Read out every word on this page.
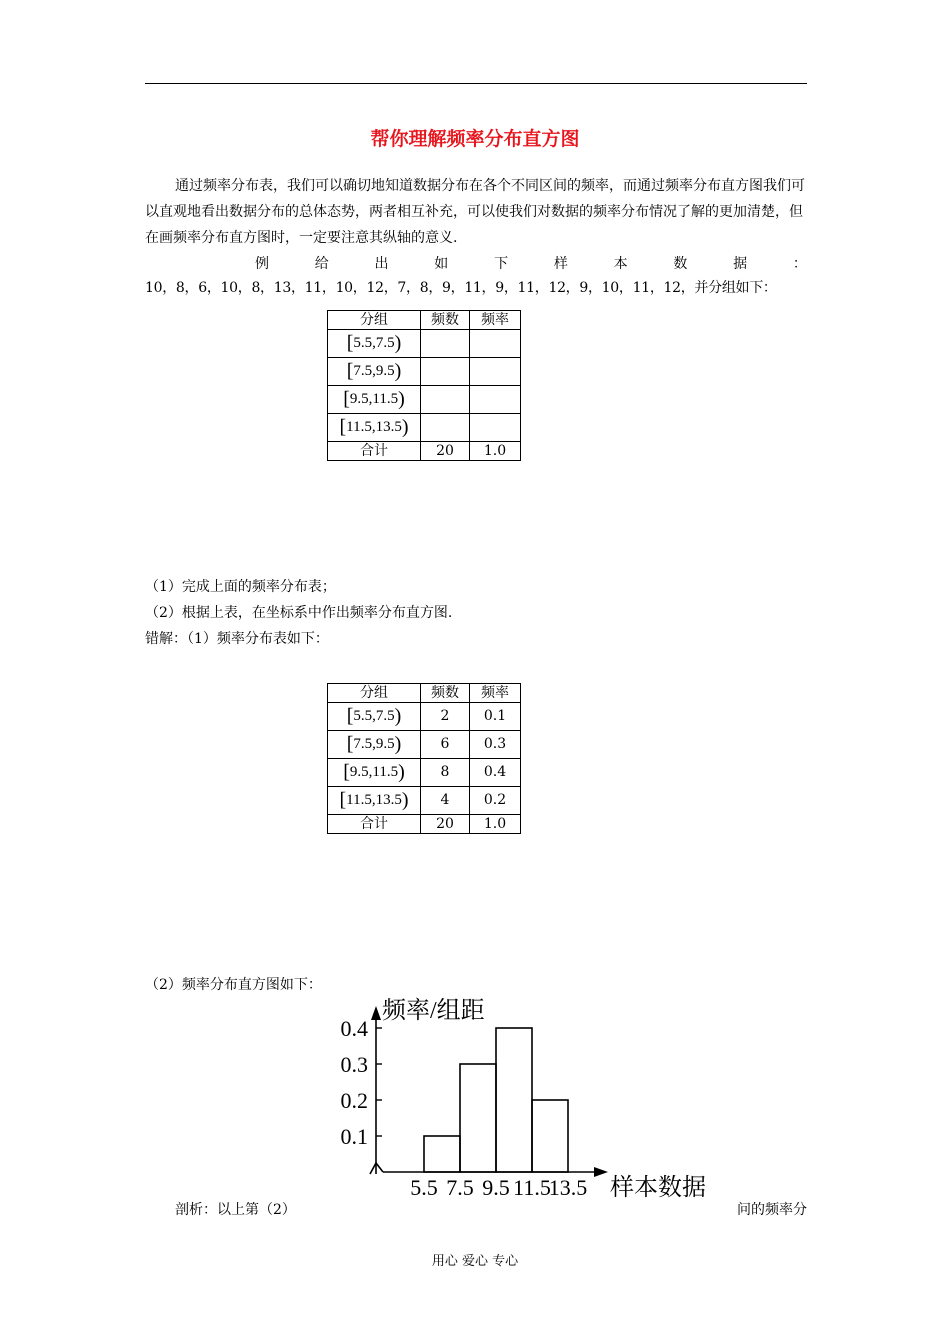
帮你理解频率分布直方图
通过频率分布表，我们可以确切地知道数据分布在各个不同区间的频率，而通过频率分布直方图我们可以直观地看出数据分布的总体态势，两者相互补充，可以使我们对数据的频率分布情况了解的更加清楚，但在画频率分布直方图时，一定要注意其纵轴的意义.
例	给	出	如	下	样	本	数	据	：
10，8，6，10，8，13，11，10，12，7，8，9，11，9，11，12，9，10，11，12，并分组如下：
分组	频数	频率
[5.5,7.5)		
[7.5,9.5)		
[9.5,11.5)		
[11.5,13.5)		
合计	20	1.0
（1）完成上面的频率分布表；
（2）根据上表，在坐标系中作出频率分布直方图.
错解：（1）频率分布表如下：
分组	频数	频率
[5.5,7.5)	2	0.1
[7.5,9.5)	6	0.3
[9.5,11.5)	8	0.4
[11.5,13.5)	4	0.2
合计	20	1.0
（2）频率分布直方图如下：
0.1
0.2
0.3
0.4
5.5 7.5 9.5 11.5
13.5
频率/组距
样本数据
剖析：以上第（2）	问的频率分
用心 爱心 专心
